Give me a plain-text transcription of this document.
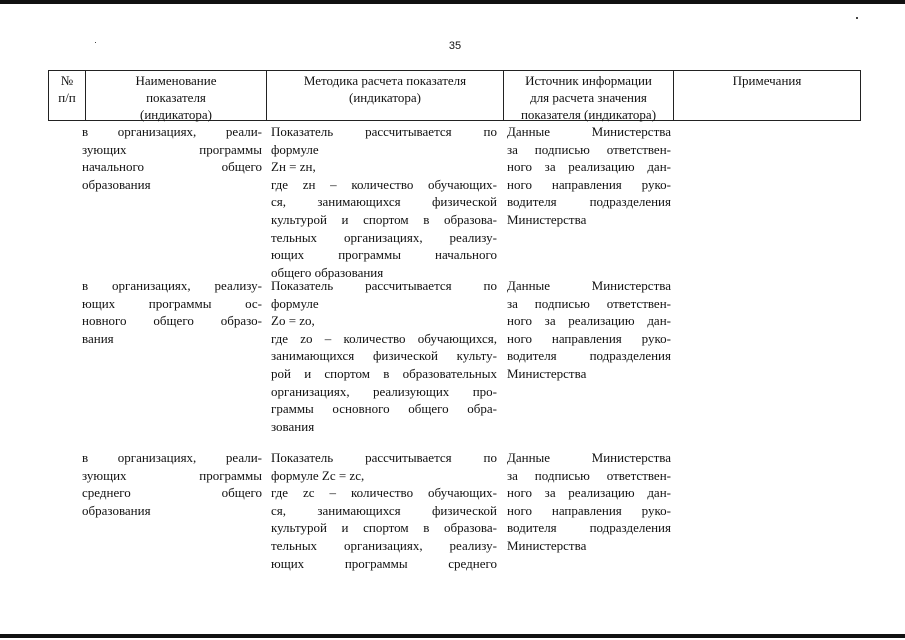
35
№
п/п
Наименование
показателя
(индикатора)
Методика расчета показателя
(индикатора)
Источник информации
для расчета значения
показателя (индикатора)
Примечания
в организациях, реали-
зующих программы
начального общего
образования
Показатель рассчитывается по
формуле
Zн = zн,
где zн – количество обучающих-
ся, занимающихся физической
культурой и спортом в образова-
тельных организациях, реализу-
ющих программы начального
общего образования
Данные Министерства
за подписью ответствен-
ного за реализацию дан-
ного направления руко-
водителя подразделения
Министерства
в организациях, реализу-
ющих программы ос-
новного общего образо-
вания
Показатель рассчитывается по
формуле
Zо = zо,
где zо – количество обучающихся,
занимающихся физической культу-
рой и спортом в образовательных
организациях, реализующих про-
граммы основного общего обра-
зования
Данные Министерства
за подписью ответствен-
ного за реализацию дан-
ного направления руко-
водителя подразделения
Министерства
в организациях, реали-
зующих программы
среднего общего
образования
Показатель рассчитывается по
формуле Zс = zс,
где zс – количество обучающих-
ся, занимающихся физической
культурой и спортом в образова-
тельных организациях, реализу-
ющих программы среднего
Данные Министерства
за подписью ответствен-
ного за реализацию дан-
ного направления руко-
водителя подразделения
Министерства
